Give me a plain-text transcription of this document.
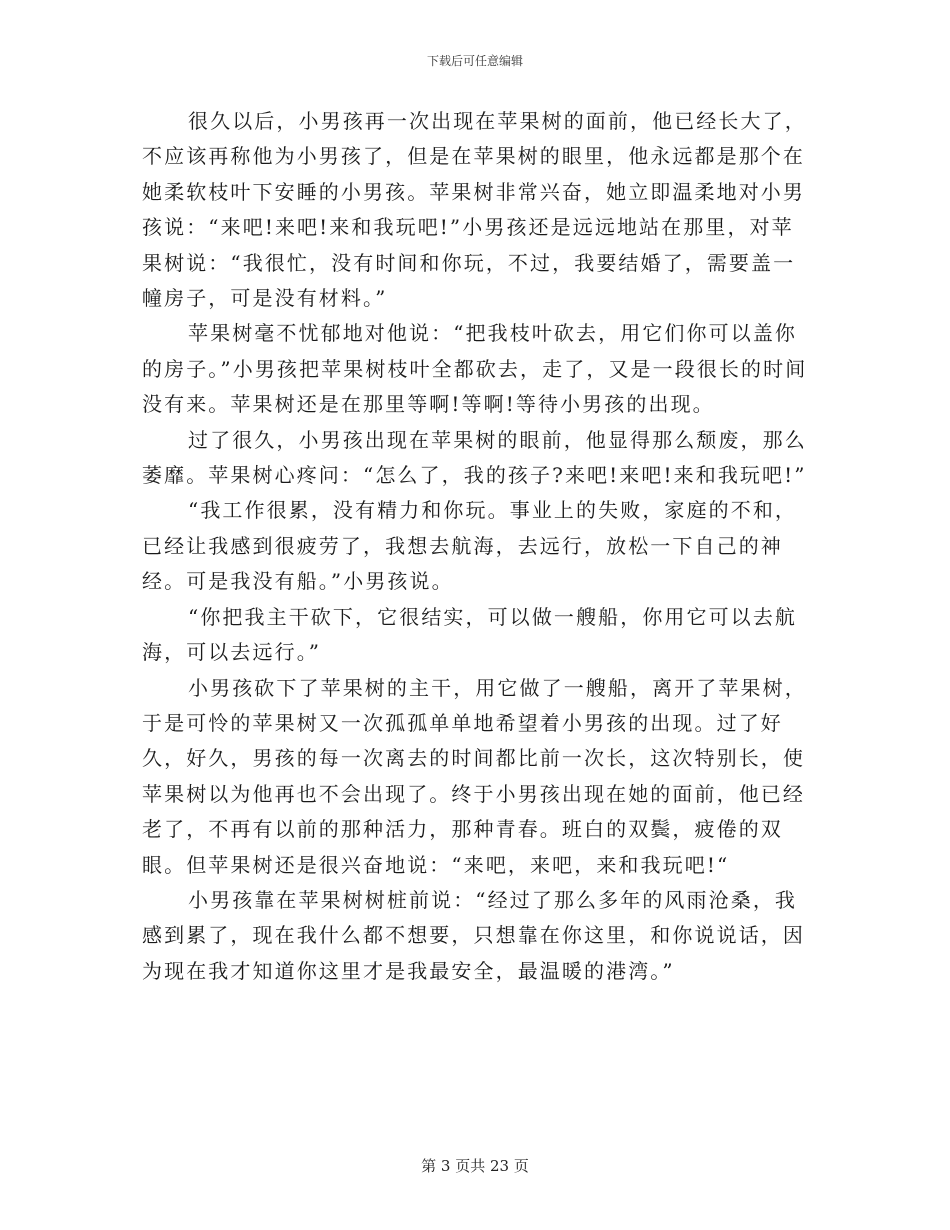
下载后可任意编辑

很久以后，小男孩再一次出现在苹果树的面前，他已经长大了，不应该再称他为小男孩了，但是在苹果树的眼里，他永远都是那个在她柔软枝叶下安睡的小男孩。苹果树非常兴奋，她立即温柔地对小男孩说：“来吧!来吧!来和我玩吧!”小男孩还是远远地站在那里，对苹果树说：“我很忙，没有时间和你玩，不过，我要结婚了，需要盖一幢房子，可是没有材料。”

苹果树毫不忧郁地对他说：“把我枝叶砍去，用它们你可以盖你的房子。”小男孩把苹果树枝叶全都砍去，走了，又是一段很长的时间没有来。苹果树还是在那里等啊!等啊!等待小男孩的出现。

过了很久，小男孩出现在苹果树的眼前，他显得那么颓废，那么萎靡。苹果树心疼问：“怎么了，我的孩子?来吧!来吧!来和我玩吧!”

“我工作很累，没有精力和你玩。事业上的失败，家庭的不和，已经让我感到很疲劳了，我想去航海，去远行，放松一下自己的神经。可是我没有船。”小男孩说。

“你把我主干砍下，它很结实，可以做一艘船，你用它可以去航海，可以去远行。”

小男孩砍下了苹果树的主干，用它做了一艘船，离开了苹果树，于是可怜的苹果树又一次孤孤单单地希望着小男孩的出现。过了好久，好久，男孩的每一次离去的时间都比前一次长，这次特别长，使苹果树以为他再也不会出现了。终于小男孩出现在她的面前，他已经老了，不再有以前的那种活力，那种青春。班白的双鬓，疲倦的双眼。但苹果树还是很兴奋地说：“来吧，来吧，来和我玩吧!“

小男孩靠在苹果树树桩前说：“经过了那么多年的风雨沧桑，我感到累了，现在我什么都不想要，只想靠在你这里，和你说说话，因为现在我才知道你这里才是我最安全，最温暖的港湾。”

第 3 页共 23 页
